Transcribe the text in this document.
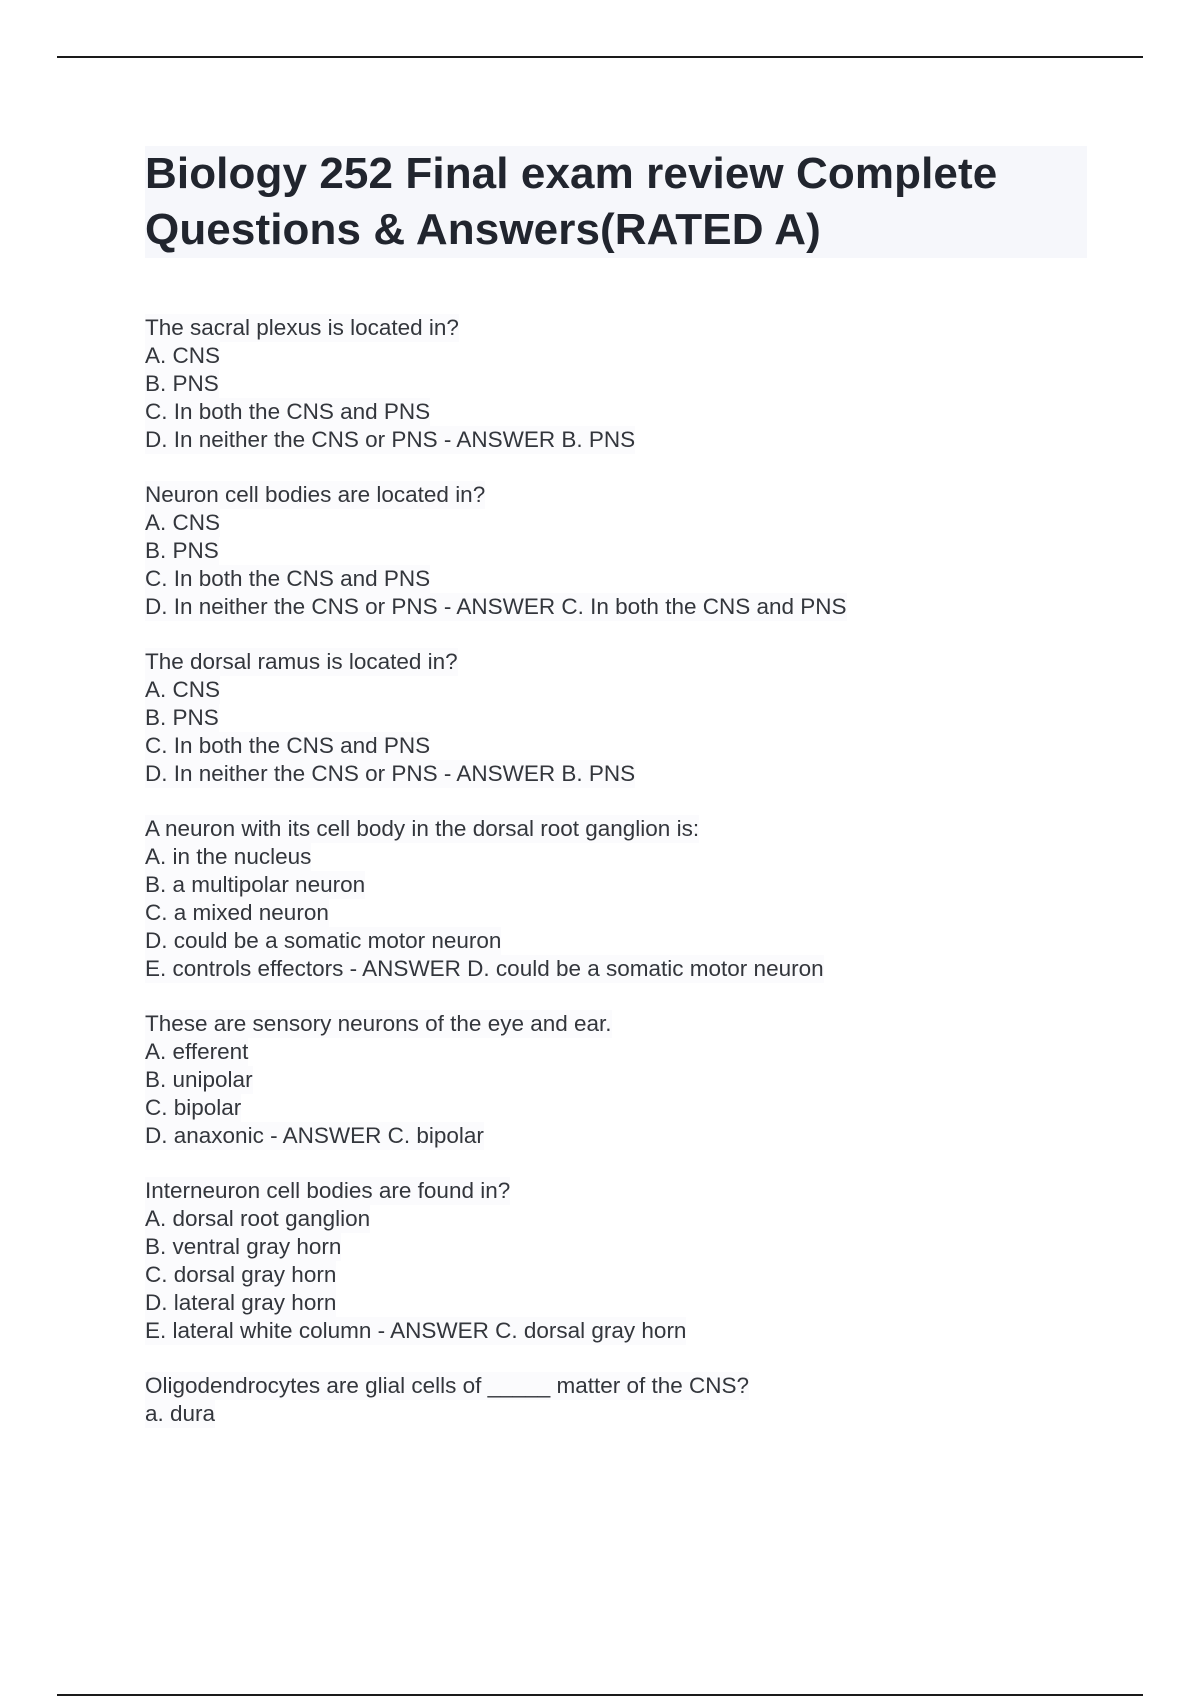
Biology 252 Final exam review Complete Questions & Answers(RATED A)
The sacral plexus is located in?
A. CNS
B. PNS
C. In both the CNS and PNS
D. In neither the CNS or PNS - ANSWER B. PNS
Neuron cell bodies are located in?
A. CNS
B. PNS
C. In both the CNS and PNS
D. In neither the CNS or PNS - ANSWER C. In both the CNS and PNS
The dorsal ramus is located in?
A. CNS
B. PNS
C. In both the CNS and PNS
D. In neither the CNS or PNS - ANSWER B. PNS
A neuron with its cell body in the dorsal root ganglion is:
A. in the nucleus
B. a multipolar neuron
C. a mixed neuron
D. could be a somatic motor neuron
E. controls effectors - ANSWER D. could be a somatic motor neuron
These are sensory neurons of the eye and ear.
A. efferent
B. unipolar
C. bipolar
D. anaxonic - ANSWER C. bipolar
Interneuron cell bodies are found in?
A. dorsal root ganglion
B. ventral gray horn
C. dorsal gray horn
D. lateral gray horn
E. lateral white column - ANSWER C. dorsal gray horn
Oligodendrocytes are glial cells of _____ matter of the CNS?
a. dura
